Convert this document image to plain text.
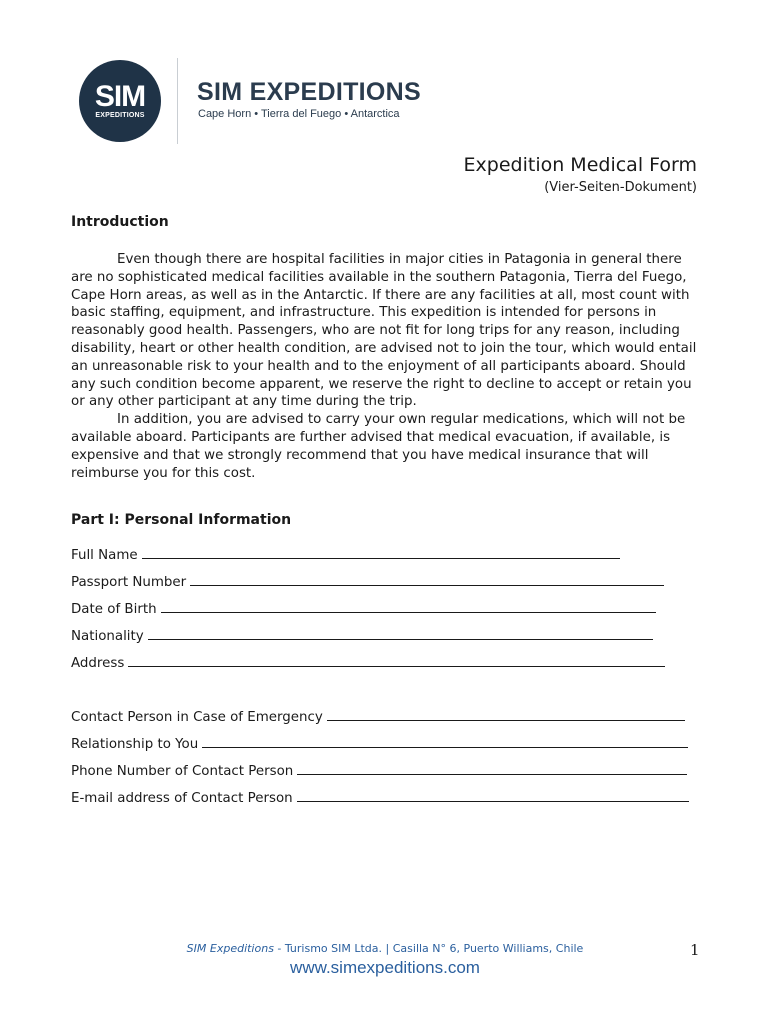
SIM
EXPEDITIONS
SIM EXPEDITIONS
Cape Horn • Tierra del Fuego • Antarctica
Expedition Medical Form
(Vier-Seiten-Dokument)
Introduction

Even though there are hospital facilities in major cities in Patagonia in general there are no sophisticated medical facilities available in the southern Patagonia, Tierra del Fuego, Cape Horn areas, as well as in the Antarctic. If there are any facilities at all, most count with basic staffing, equipment, and infrastructure. This expedition is intended for persons in reasonably good health. Passengers, who are not fit for long trips for any reason, including disability, heart or other health condition, are advised not to join the tour, which would entail an unreasonable risk to your health and to the enjoyment of all participants aboard. Should any such condition become apparent, we reserve the right to decline to accept or retain you or any other participant at any time during the trip.

In addition, you are advised to carry your own regular medications, which will not be available aboard. Participants are further advised that medical evacuation, if available, is expensive and that we strongly recommend that you have medical insurance that will reimburse you for this cost.

Part I: Personal Information
Full Name
Passport Number
Date of Birth
Nationality
Address
Contact Person in Case of Emergency
Relationship to You
Phone Number of Contact Person
E-mail address of Contact Person
SIM Expeditions - Turismo SIM Ltda. | Casilla N° 6, Puerto Williams, Chile
www.simexpeditions.com
1
